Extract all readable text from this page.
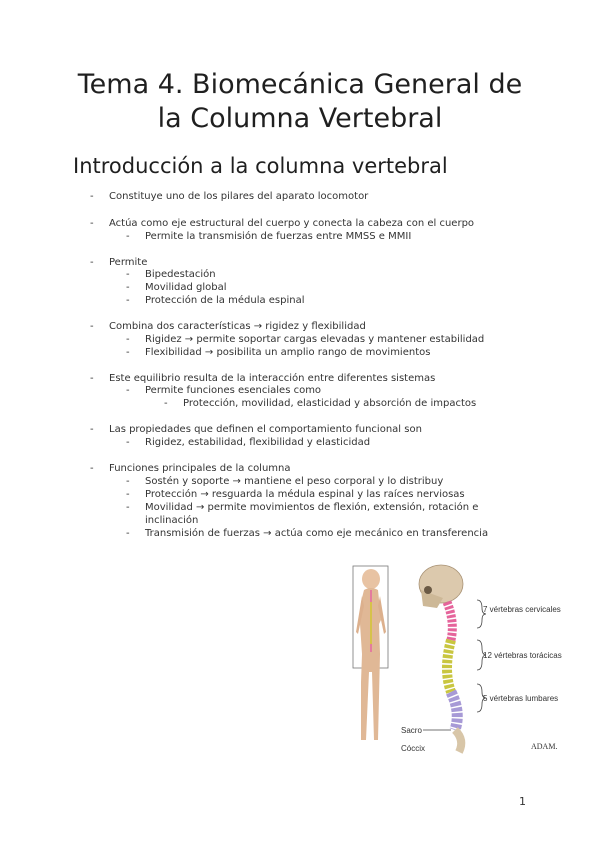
Tema 4. Biomecánica General de
la Columna Vertebral
Introducción a la columna vertebral
- Constituye uno de los pilares del aparato locomotor
- Actúa como eje estructural del cuerpo y conecta la cabeza con el cuerpo
- Permite la transmisión de fuerzas entre MMSS e MMII
- Permite
- Bipedestación
- Movilidad global
- Protección de la médula espinal
- Combina dos características → rigidez y flexibilidad
- Rigidez → permite soportar cargas elevadas y mantener estabilidad
- Flexibilidad → posibilita un amplio rango de movimientos
- Este equilibrio resulta de la interacción entre diferentes sistemas
- Permite funciones esenciales como
- Protección, movilidad, elasticidad y absorción de impactos
- Las propiedades que definen el comportamiento funcional son
- Rigidez, estabilidad, flexibilidad y elasticidad
- Funciones principales de la columna
- Sostén y soporte → mantiene el peso corporal y lo distribuy
- Protección → resguarda la médula espinal y las raíces nerviosas
- Movilidad → permite movimientos de flexión, extensión, rotación e
inclinación
- Transmisión de fuerzas → actúa como eje mecánico en transferencia
7 vértebras cervicales
12 vértebras torácicas
5 vértebras lumbares
Sacro
Cóccix	ADAM.
1
